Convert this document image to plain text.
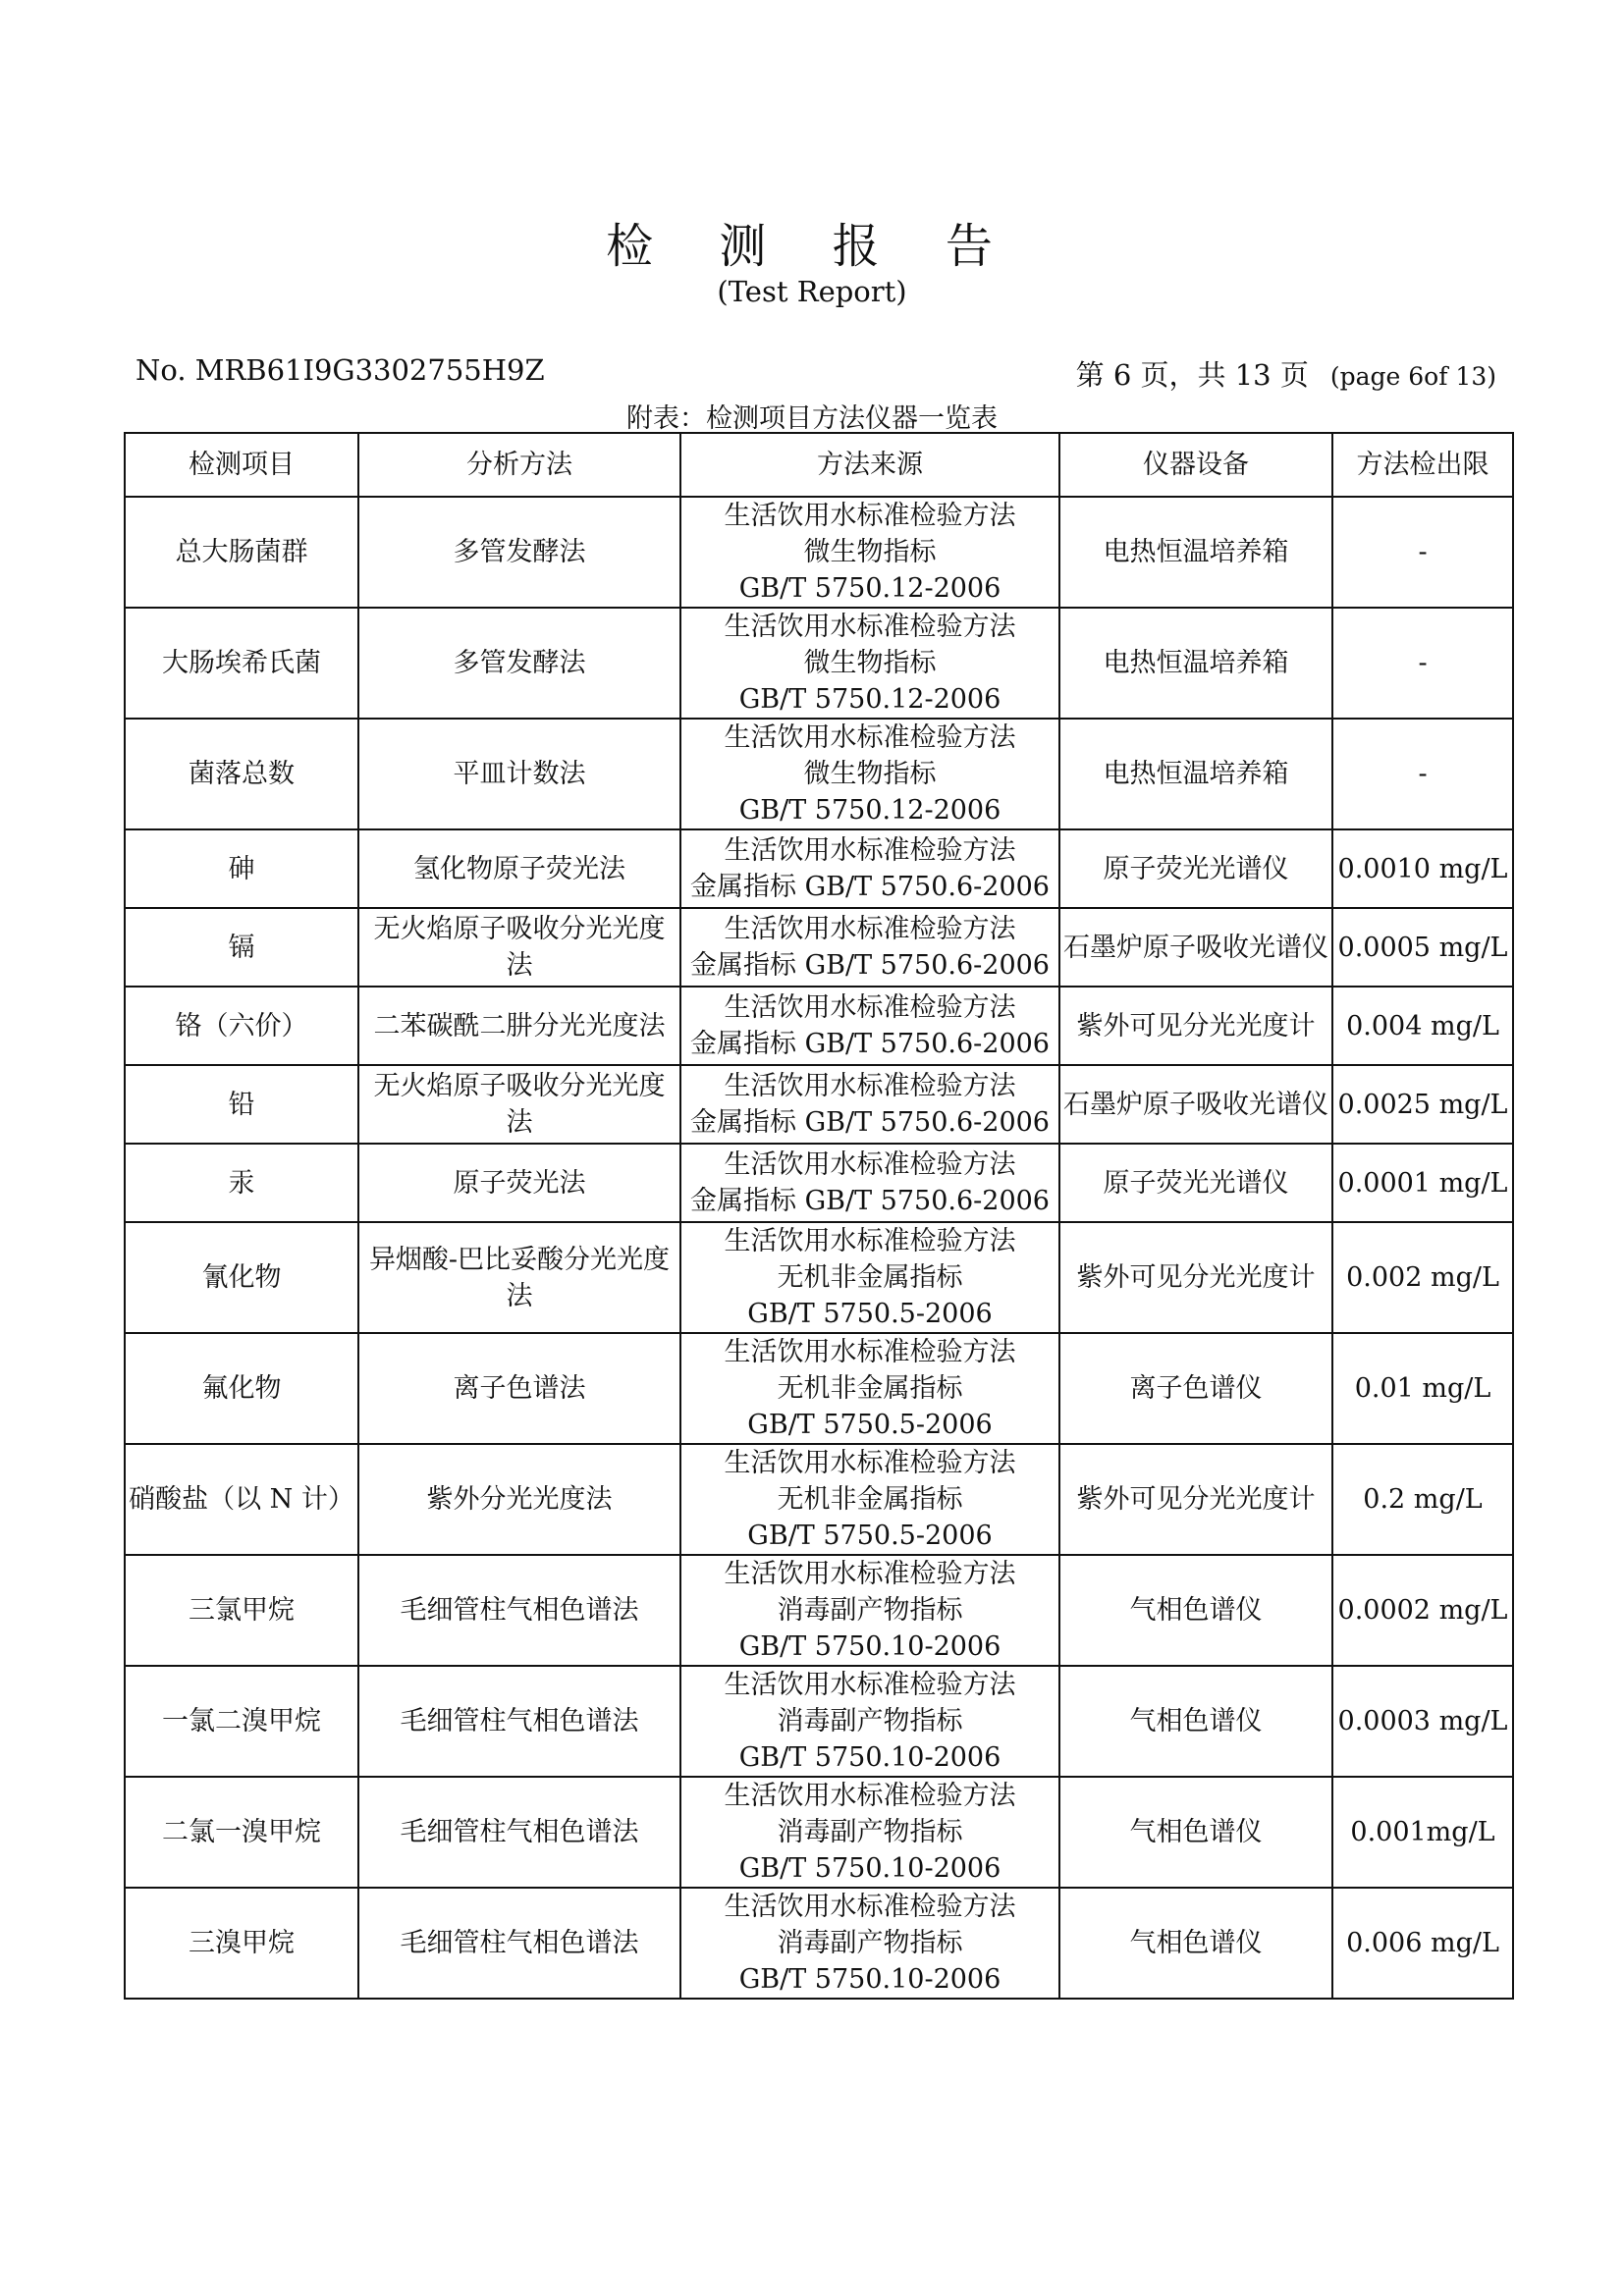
检 测 报 告
(Test Report)
No. MRB61I9G3302755H9Z	第 6 页，共 13 页 (page 6of 13)
附表：检测项目方法仪器一览表
检测项目	分析方法	方法来源	仪器设备	方法检出限
总大肠菌群	多管发酵法	生活饮用水标准检验方法
微生物指标
GB/T 5750.12-2006	电热恒温培养箱	-
大肠埃希氏菌	多管发酵法	生活饮用水标准检验方法
微生物指标
GB/T 5750.12-2006	电热恒温培养箱	-
菌落总数	平皿计数法	生活饮用水标准检验方法
微生物指标
GB/T 5750.12-2006	电热恒温培养箱	-
砷	氢化物原子荧光法	生活饮用水标准检验方法
金属指标 GB/T 5750.6-2006	原子荧光光谱仪	0.0010 mg/L
镉	无火焰原子吸收分光光度法	生活饮用水标准检验方法
金属指标 GB/T 5750.6-2006	石墨炉原子吸收光谱仪	0.0005 mg/L
铬（六价）	二苯碳酰二肼分光光度法	生活饮用水标准检验方法
金属指标 GB/T 5750.6-2006	紫外可见分光光度计	0.004 mg/L
铅	无火焰原子吸收分光光度法	生活饮用水标准检验方法
金属指标 GB/T 5750.6-2006	石墨炉原子吸收光谱仪	0.0025 mg/L
汞	原子荧光法	生活饮用水标准检验方法
金属指标 GB/T 5750.6-2006	原子荧光光谱仪	0.0001 mg/L
氰化物	异烟酸-巴比妥酸分光光度法	生活饮用水标准检验方法
无机非金属指标
GB/T 5750.5-2006	紫外可见分光光度计	0.002 mg/L
氟化物	离子色谱法	生活饮用水标准检验方法
无机非金属指标
GB/T 5750.5-2006	离子色谱仪	0.01 mg/L
硝酸盐（以 N 计）	紫外分光光度法	生活饮用水标准检验方法
无机非金属指标
GB/T 5750.5-2006	紫外可见分光光度计	0.2 mg/L
三氯甲烷	毛细管柱气相色谱法	生活饮用水标准检验方法
消毒副产物指标
GB/T 5750.10-2006	气相色谱仪	0.0002 mg/L
一氯二溴甲烷	毛细管柱气相色谱法	生活饮用水标准检验方法
消毒副产物指标
GB/T 5750.10-2006	气相色谱仪	0.0003 mg/L
二氯一溴甲烷	毛细管柱气相色谱法	生活饮用水标准检验方法
消毒副产物指标
GB/T 5750.10-2006	气相色谱仪	0.001mg/L
三溴甲烷	毛细管柱气相色谱法	生活饮用水标准检验方法
消毒副产物指标
GB/T 5750.10-2006	气相色谱仪	0.006 mg/L
